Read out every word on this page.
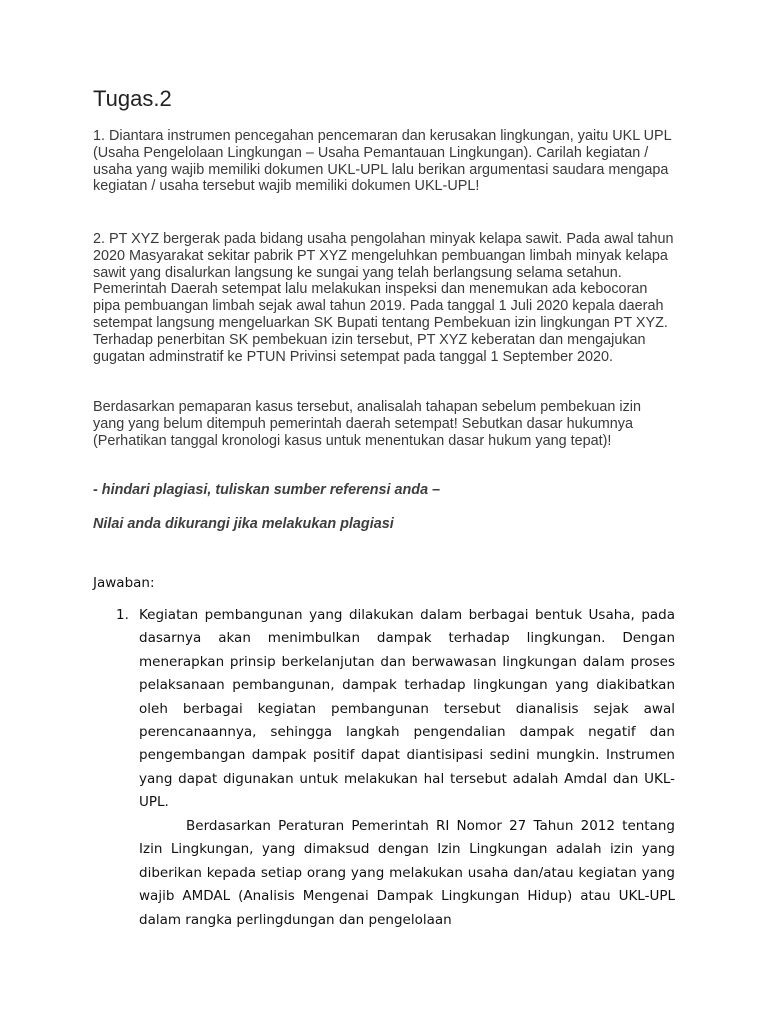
Tugas.2

1. Diantara instrumen pencegahan pencemaran dan kerusakan lingkungan, yaitu UKL UPL (Usaha Pengelolaan Lingkungan – Usaha Pemantauan Lingkungan). Carilah kegiatan / usaha yang wajib memiliki dokumen UKL-UPL lalu berikan argumentasi saudara mengapa kegiatan / usaha tersebut wajib memiliki dokumen UKL-UPL!

2. PT XYZ bergerak pada bidang usaha pengolahan minyak kelapa sawit. Pada awal tahun 2020 Masyarakat sekitar pabrik PT XYZ mengeluhkan pembuangan limbah minyak kelapa sawit yang disalurkan langsung ke sungai yang telah berlangsung selama setahun. Pemerintah Daerah setempat lalu melakukan inspeksi dan menemukan ada kebocoran pipa pembuangan limbah sejak awal tahun 2019. Pada tanggal 1 Juli 2020 kepala daerah setempat langsung mengeluarkan SK Bupati tentang Pembekuan izin lingkungan PT XYZ. Terhadap penerbitan SK pembekuan izin tersebut, PT XYZ keberatan dan mengajukan gugatan adminstratif ke PTUN Privinsi setempat pada tanggal 1 September 2020.

Berdasarkan pemaparan kasus tersebut, analisalah tahapan sebelum pembekuan izin yang yang belum ditempuh pemerintah daerah setempat! Sebutkan dasar hukumnya (Perhatikan tanggal kronologi kasus untuk menentukan dasar hukum yang tepat)!

- hindari plagiasi, tuliskan sumber referensi anda –

Nilai anda dikurangi jika melakukan plagiasi

Jawaban:

1. Kegiatan pembangunan yang dilakukan dalam berbagai bentuk Usaha, pada dasarnya akan menimbulkan dampak terhadap lingkungan. Dengan menerapkan prinsip berkelanjutan dan berwawasan lingkungan dalam proses pelaksanaan pembangunan, dampak terhadap lingkungan yang diakibatkan oleh berbagai kegiatan pembangunan tersebut dianalisis sejak awal perencanaannya, sehingga langkah pengendalian dampak negatif dan pengembangan dampak positif dapat diantisipasi sedini mungkin. Instrumen yang dapat digunakan untuk melakukan hal tersebut adalah Amdal dan UKL-UPL.

Berdasarkan Peraturan Pemerintah RI Nomor 27 Tahun 2012 tentang Izin Lingkungan, yang dimaksud dengan Izin Lingkungan adalah izin yang diberikan kepada setiap orang yang melakukan usaha dan/atau kegiatan yang wajib AMDAL (Analisis Mengenai Dampak Lingkungan Hidup) atau UKL-UPL dalam rangka perlingdungan dan pengelolaan
